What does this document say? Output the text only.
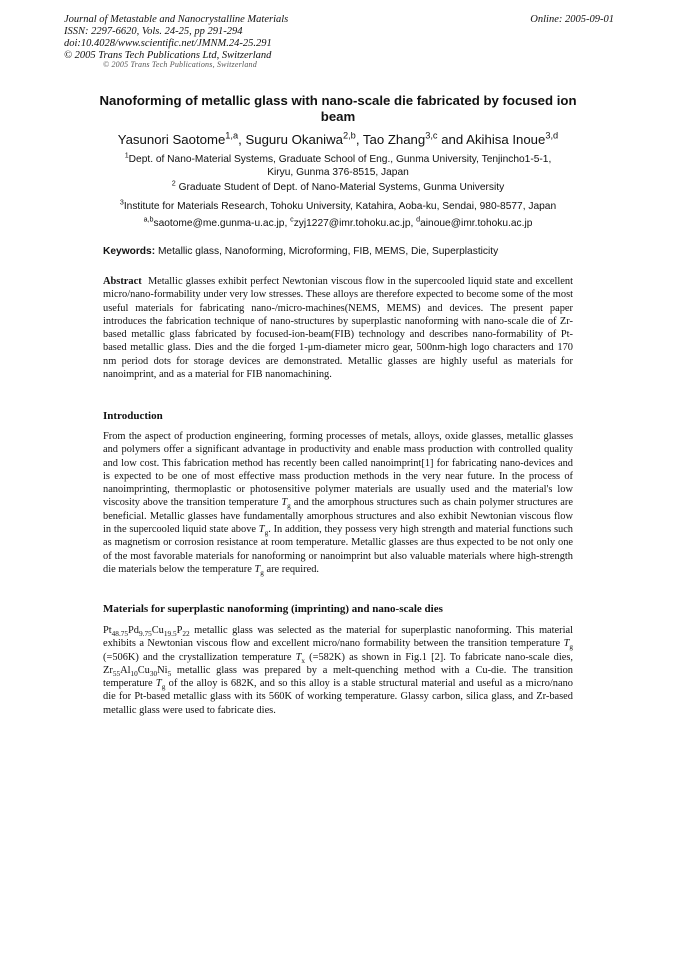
Journal of Metastable and Nanocrystalline Materials
ISSN: 2297-6620, Vols. 24-25, pp 291-294
doi:10.4028/www.scientific.net/JMNM.24-25.291
© 2005 Trans Tech Publications Ltd, Switzerland
Online: 2005-09-01
© 2005 Trans Tech Publications, Switzerland
Nanoforming of metallic glass with nano-scale die fabricated by focused ion beam
Yasunori Saotome$^{1,a}$, Suguru Okaniwa$^{2,b}$, Tao Zhang$^{3,c}$ and Akihisa Inoue$^{3,d}$
$^1$Dept. of Nano-Material Systems, Graduate School of Eng., Gunma University, Tenjincho1-5-1,
Kiryu, Gunma 376-8515, Japan
$^2$ Graduate Student of Dept. of Nano-Material Systems, Gunma University
$^3$Institute for Materials Research, Tohoku University, Katahira, Aoba-ku, Sendai, 980-8577, Japan
$^{a,b}$saotome@me.gunma-u.ac.jp, $^c$zyj1227@imr.tohoku.ac.jp, $^d$ainoue@imr.tohoku.ac.jp
Keywords: Metallic glass, Nanoforming, Microforming, FIB, MEMS, Die, Superplasticity
Abstract Metallic glasses exhibit perfect Newtonian viscous flow in the supercooled liquid state and excellent micro/nano-formability under very low stresses. These alloys are therefore expected to become some of the most useful materials for fabricating nano-/micro-machines(NEMS, MEMS) and devices. The present paper introduces the fabrication technique of nano-structures by superplastic nanoforming with nano-scale die of Zr-based metallic glass fabricated by focused-ion-beam(FIB) technology and describes nano-formability of Pt-based metallic glass. Dies and the die forged 1-μm-diameter micro gear, 500nm-high logo characters and 170 nm period dots for storage devices are demonstrated. Metallic glasses are highly useful as materials for nanoimprint, and as a material for FIB nanomachining.
Introduction
From the aspect of production engineering, forming processes of metals, alloys, oxide glasses, metallic glasses and polymers offer a significant advantage in productivity and enable mass production with controlled quality and low cost. This fabrication method has recently been called nanoimprint[1] for fabricating nano-devices and is expected to be one of most effective mass production methods in the very near future. In the process of nanoimprinting, thermoplastic or photosensitive polymer materials are usually used and the material's low viscosity above the transition temperature $T_g$ and the amorphous structures such as chain polymer structures are beneficial. Metallic glasses have fundamentally amorphous structures and also exhibit Newtonian viscous flow in the supercooled liquid state above $T_g$. In addition, they possess very high strength and material functions such as magnetism or corrosion resistance at room temperature. Metallic glasses are thus expected to be not only one of the most favorable materials for nanoforming or nanoimprint but also valuable materials where high-strength die materials below the temperature $T_g$ are required.
Materials for superplastic nanoforming (imprinting) and nano-scale dies
$Pt_{48.75}Pd_{9.75}Cu_{19.5}P_{22}$ metallic glass was selected as the material for superplastic nanoforming. This material exhibits a Newtonian viscous flow and excellent micro/nano formability between the transition temperature $T_g$ (=506K) and the crystallization temperature $T_x$ (=582K) as shown in Fig.1 [2]. To fabricate nano-scale dies, $Zr_{55}Al_{10}Cu_{30}Ni_5$ metallic glass was prepared by a melt-quenching method with a Cu-die. The transition temperature $T_g$ of the alloy is 682K, and so this alloy is a stable structural material and useful as a micro/nano die for Pt-based metallic glass with its 560K of working temperature. Glassy carbon, silica glass, and Zr-based metallic glass were used to fabricate dies.
